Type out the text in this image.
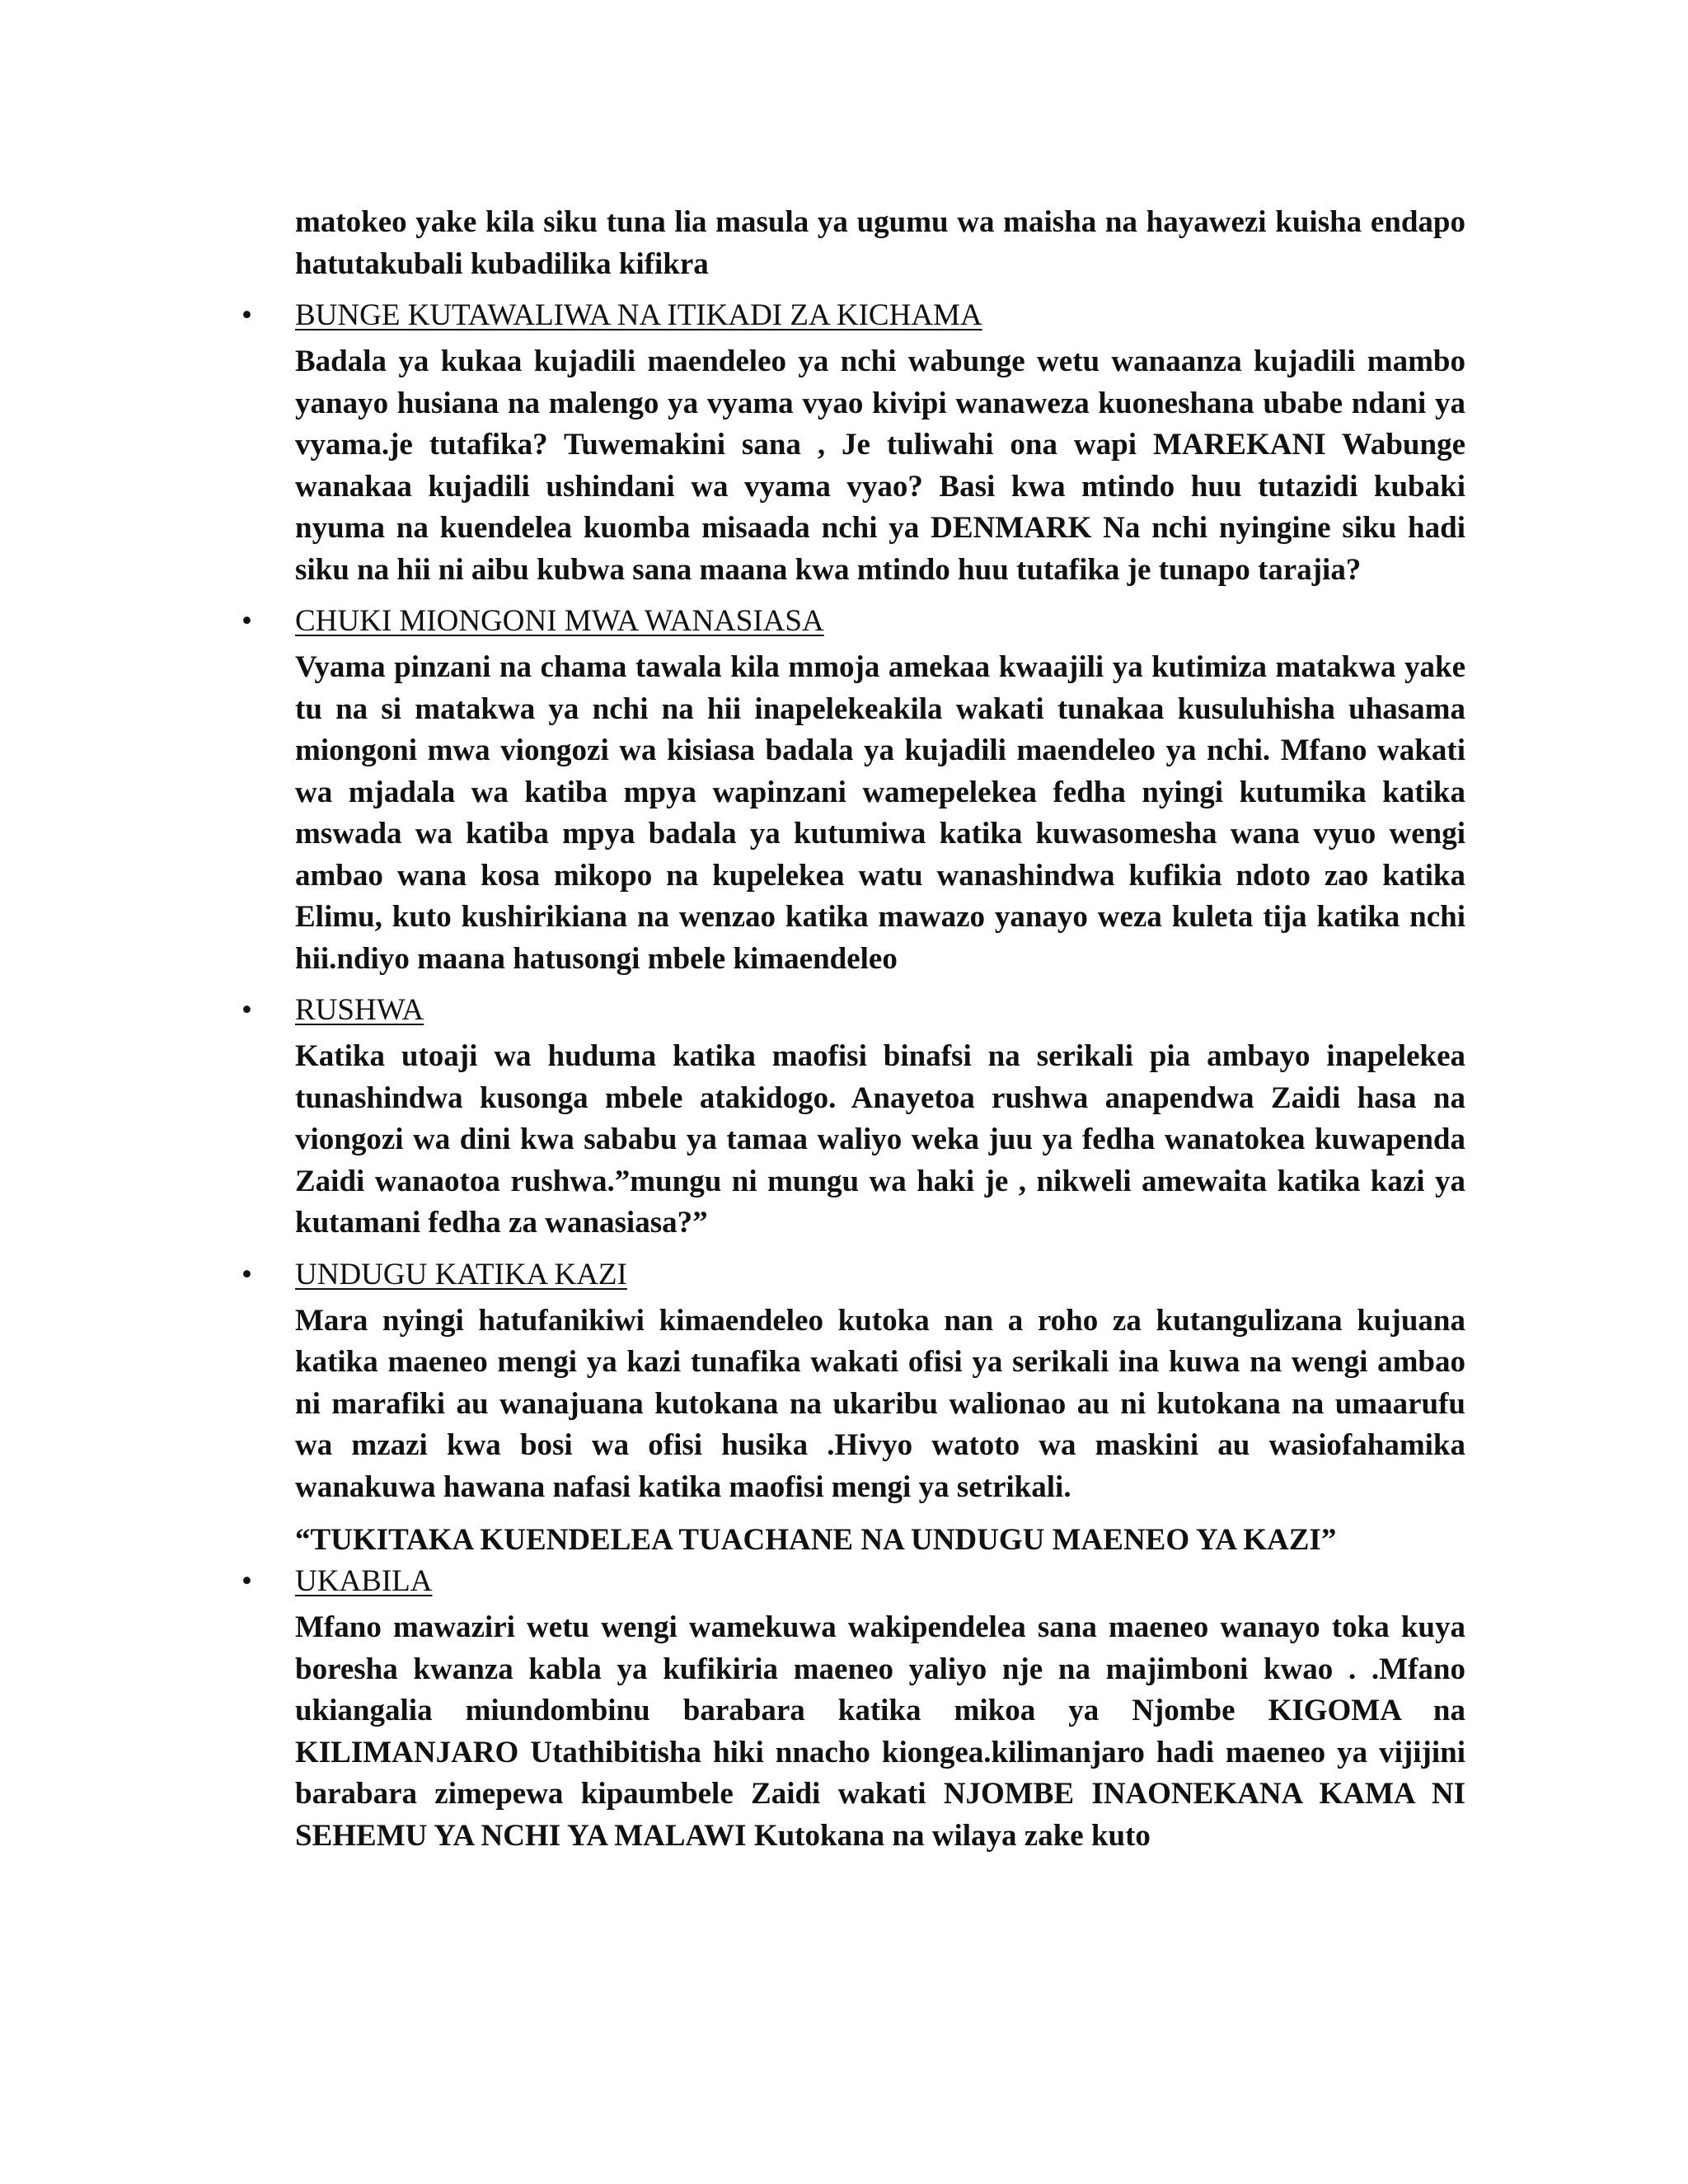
matokeo yake kila siku tuna lia masula ya ugumu wa maisha na hayawezi kuisha endapo hatutakubali kubadilika kifikra

• BUNGE KUTAWALIWA NA ITIKADI ZA KICHAMA

Badala ya kukaa kujadili maendeleo ya nchi wabunge wetu wanaanza kujadili mambo yanayo husiana na malengo ya vyama vyao kivipi wanaweza kuoneshana ubabe ndani ya vyama.je tutafika? Tuwemakini sana , Je tuliwahi ona wapi MAREKANI Wabunge wanakaa kujadili ushindani wa vyama vyao? Basi kwa mtindo huu tutazidi kubaki nyuma na kuendelea kuomba misaada nchi ya DENMARK Na nchi nyingine siku hadi siku na hii ni aibu kubwa sana maana kwa mtindo huu tutafika je tunapo tarajia?

• CHUKI MIONGONI MWA WANASIASA

Vyama pinzani na chama tawala kila mmoja amekaa kwaajili ya kutimiza matakwa yake tu na si matakwa ya nchi na hii inapelekeakila wakati tunakaa kusuluhisha uhasama miongoni mwa viongozi wa kisiasa badala ya kujadili maendeleo ya nchi. Mfano wakati wa mjadala wa katiba mpya wapinzani wamepelekea fedha nyingi kutumika katika mswada wa katiba mpya badala ya kutumiwa katika kuwasomesha wana vyuo wengi ambao wana kosa mikopo na kupelekea watu wanashindwa kufikia ndoto zao katika Elimu, kuto kushirikiana na wenzao katika mawazo yanayo weza kuleta tija katika nchi hii.ndiyo maana hatusongi mbele kimaendeleo

• RUSHWA

Katika utoaji wa huduma katika maofisi binafsi na serikali pia ambayo inapelekea tunashindwa kusonga mbele atakidogo. Anayetoa rushwa anapendwa Zaidi hasa na viongozi wa dini kwa sababu ya tamaa waliyo weka juu ya fedha wanatokea kuwapenda Zaidi wanaotoa rushwa.”mungu ni mungu wa haki je , nikweli amewaita katika kazi ya kutamani fedha za wanasiasa?”

• UNDUGU KATIKA KAZI

Mara nyingi hatufanikiwi kimaendeleo kutoka nan a roho za kutangulizana kujuana katika maeneo mengi ya kazi tunafika wakati ofisi ya serikali ina kuwa na wengi ambao ni marafiki au wanajuana kutokana na ukaribu walionao au ni kutokana na umaarufu wa mzazi kwa bosi wa ofisi husika .Hivyo watoto wa maskini au wasiofahamika wanakuwa hawana nafasi katika maofisi mengi ya setrikali.

“TUKITAKA KUENDELEA TUACHANE NA UNDUGU MAENEO YA KAZI”

• UKABILA

Mfano mawaziri wetu wengi wamekuwa wakipendelea sana maeneo wanayo toka kuya boresha kwanza kabla ya kufikiria maeneo yaliyo nje na majimboni kwao . .Mfano ukiangalia miundombinu barabara katika mikoa ya Njombe KIGOMA na KILIMANJARO Utathibitisha hiki nnacho kiongea.kilimanjaro hadi maeneo ya vijijini barabara zimepewa kipaumbele Zaidi wakati NJOMBE INAONEKANA KAMA NI SEHEMU YA NCHI YA MALAWI Kutokana na wilaya zake kuto
